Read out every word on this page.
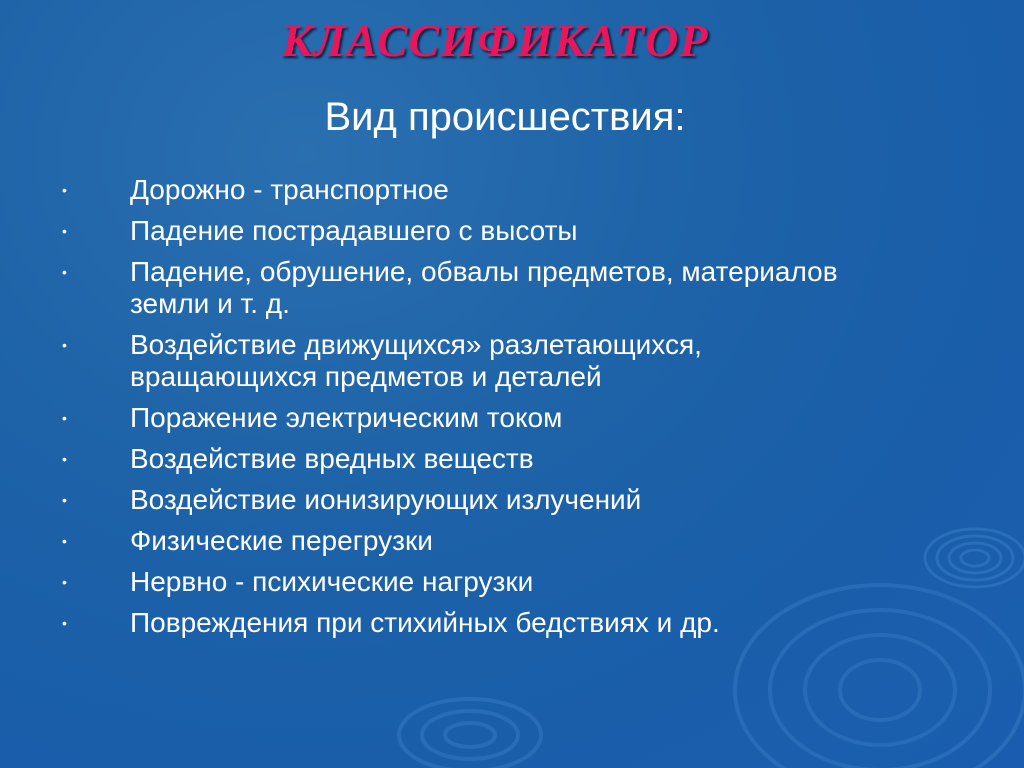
КЛАССИФИКАТОР
Вид происшествия:
• Дорожно - транспортное
• Падение пострадавшего с высоты
• Падение, обрушение, обвалы предметов, материалов земли и т. д.
• Воздействие движущихся» разлетающихся, вращающихся предметов и деталей
• Поражение электрическим током
• Воздействие вредных веществ
• Воздействие ионизирующих излучений
• Физические перегрузки
• Нервно - психические нагрузки
• Повреждения при стихийных бедствиях и др.
